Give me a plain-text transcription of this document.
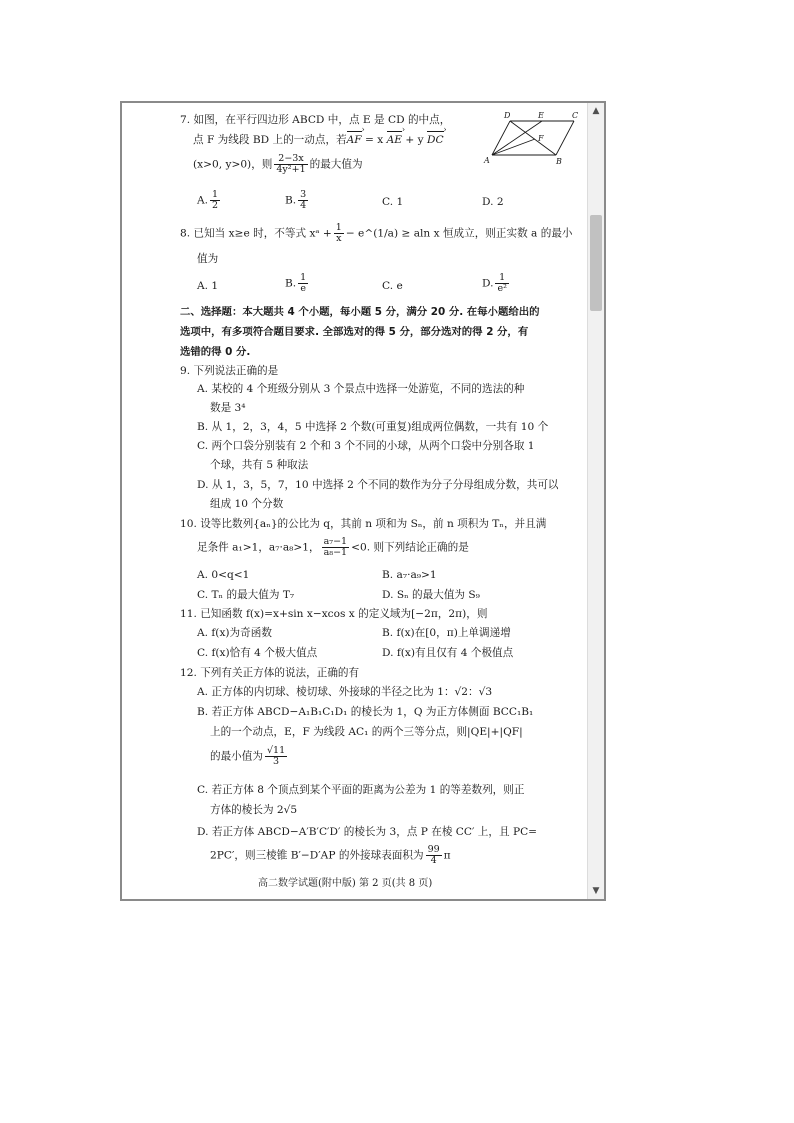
7. 如图，在平行四边形 ABCD 中，点 E 是 CD 的中点，
点 F 为线段 BD 上的一动点，若AF › = x AE › + y DC ›
(x>0, y>0)，则 $\frac{2-3x}{\text{4y²+1}}$ 的最大值为
D	E	C
F
A	B
A. $\frac{1}{2}$	B. $\frac{3}{4}$	C. 1	D. 2
8. 已知当 x≥e 时，不等式 xᵃ + $\frac{1}{x}$ − e^(1/a) ≥ aln x 恒成立，则正实数 a 的最小
值为
A. 1	B. $\frac{1}{e}$	C. e	D. $\frac{1}{\text{e²}}$
二、选择题：本大题共 4 个小题，每小题 5 分，满分 20 分. 在每小题给出的
选项中，有多项符合题目要求. 全部选对的得 5 分，部分选对的得 2 分，有
选错的得 0 分.
9. 下列说法正确的是
A. 某校的 4 个班级分别从 3 个景点中选择一处游览，不同的选法的种
数是 3⁴
B. 从 1，2，3，4，5 中选择 2 个数(可重复)组成两位偶数，一共有 10 个
C. 两个口袋分别装有 2 个和 3 个不同的小球，从两个口袋中分别各取 1
个球，共有 5 种取法
D. 从 1，3，5，7，10 中选择 2 个不同的数作为分子分母组成分数，共可以
组成 10 个分数
10. 设等比数列{aₙ}的公比为 q，其前 n 项和为 Sₙ，前 n 项积为 Tₙ，并且满
足条件 a₁>1，a₇·a₈>1， $\frac{\text{a₇−1}}{\text{a₈−1}} <0$. 则下列结论正确的是
A. 0<q<1	B. a₇·a₉>1
C. Tₙ 的最大值为 T₇	D. Sₙ 的最大值为 S₉
11. 已知函数 f(x)=x+sin x−xcos x 的定义域为[−2π，2π)，则
A. f(x)为奇函数	B. f(x)在[0，π)上单调递增
C. f(x)恰有 4 个极大值点	D. f(x)有且仅有 4 个极值点
12. 下列有关正方体的说法，正确的有
A. 正方体的内切球、棱切球、外接球的半径之比为 1：√2：√3
B. 若正方体 ABCD−A₁B₁C₁D₁ 的棱长为 1，Q 为正方体侧面 BCC₁B₁
上的一个动点，E，F 为线段 AC₁ 的两个三等分点，则|QE|+|QF|
的最小值为 $\frac{√11}{3}$
C. 若正方体 8 个顶点到某个平面的距离为公差为 1 的等差数列，则正
方体的棱长为 2√5
D. 若正方体 ABCD−A′B′C′D′ 的棱长为 3，点 P 在棱 CC′ 上，且 PC=
2PC′，则三棱锥 B′−D′AP 的外接球表面积为 $\frac{99}{4}$ π
高二数学试题(附中版) 第 2 页(共 8 页)
▲
▼
